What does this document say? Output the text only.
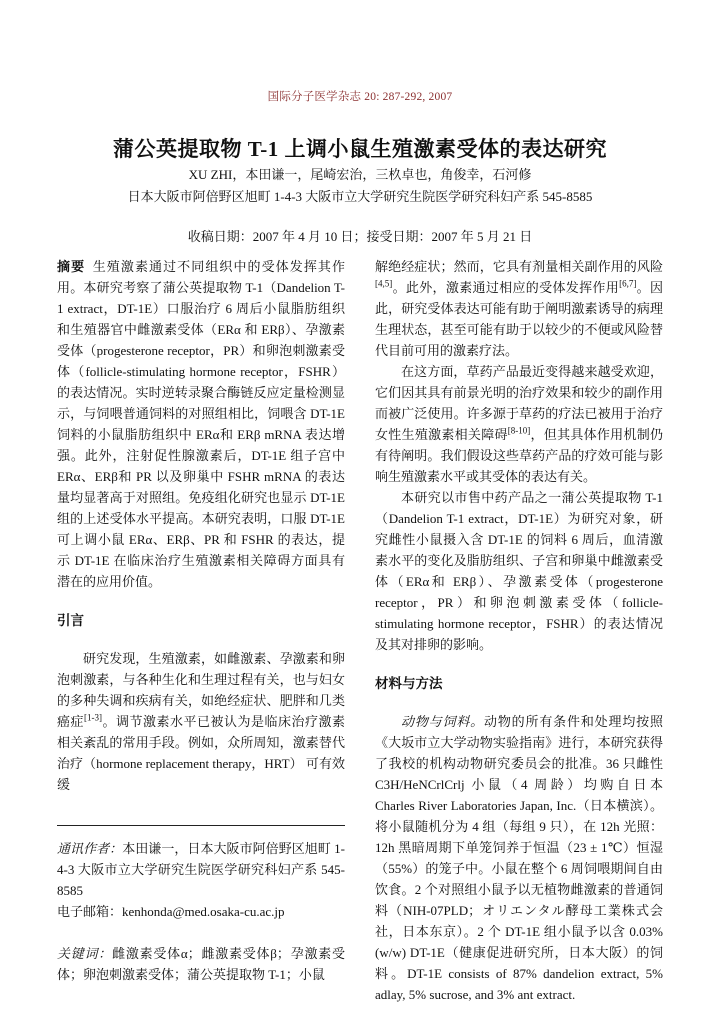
国际分子医学杂志 20: 287-292, 2007
蒲公英提取物 T-1 上调小鼠生殖激素受体的表达研究
XU ZHI，本田谦一，尾崎宏治，三杦卓也，角俊幸，石河修
日本大阪市阿倍野区旭町 1-4-3 大阪市立大学研究生院医学研究科妇产系 545-8585
收稿日期：2007 年 4 月 10 日；接受日期：2007 年 5 月 21 日

摘要  生殖激素通过不同组织中的受体发挥其作用。本研究考察了蒲公英提取物 T-1（Dandelion T-1 extract，DT-1E）口服治疗 6 周后小鼠脂肪组织和生殖器官中雌激素受体（ERα 和 ERβ）、孕激素受体（progesterone receptor，PR）和卵泡刺激素受体（follicle-stimulating hormone receptor，FSHR）的表达情况。实时逆转录聚合酶链反应定量检测显示，与饲喂普通饲料的对照组相比，饲喂含 DT-1E 饲料的小鼠脂肪组织中 ERα和 ERβ mRNA 表达增强。此外，注射促性腺激素后，DT-1E 组子宫中 ERα、ERβ和 PR 以及卵巢中 FSHR mRNA 的表达量均显著高于对照组。免疫组化研究也显示 DT-1E 组的上述受体水平提高。本研究表明，口服 DT-1E 可上调小鼠 ERα、ERβ、PR 和 FSHR 的表达，提示 DT-1E 在临床治疗生殖激素相关障碍方面具有潜在的应用价值。

引言

研究发现，生殖激素，如雌激素、孕激素和卵泡刺激素，与各种生化和生理过程有关，也与妇女的多种失调和疾病有关，如绝经症状、肥胖和几类癌症[1-3]。调节激素水平已被认为是临床治疗激素相关紊乱的常用手段。例如，众所周知，激素替代治疗（hormone replacement therapy，HRT） 可有效缓

通讯作者：本田谦一，日本大阪市阿倍野区旭町 1-4-3 大阪市立大学研究生院医学研究科妇产系 545-8585

电子邮箱：kenhonda@med.osaka-cu.ac.jp

关键词：雌激素受体α；雌激素受体β；孕激素受体；卵泡刺激素受体；蒲公英提取物 T-1；小鼠

解绝经症状；然而，它具有剂量相关副作用的风险[4,5]。此外，激素通过相应的受体发挥作用[6,7]。因此，研究受体表达可能有助于阐明激素诱导的病理生理状态，甚至可能有助于以较少的不便或风险替代目前可用的激素疗法。

在这方面，草药产品最近变得越来越受欢迎，它们因其具有前景光明的治疗效果和较少的副作用而被广泛使用。许多源于草药的疗法已被用于治疗女性生殖激素相关障碍[8-10]，但其具体作用机制仍有待阐明。我们假设这些草药产品的疗效可能与影响生殖激素水平或其受体的表达有关。

本研究以市售中药产品之一蒲公英提取物 T-1（Dandelion T-1 extract，DT-1E）为研究对象，研究雌性小鼠摄入含 DT-1E 的饲料 6 周后，血清激素水平的变化及脂肪组织、子宫和卵巢中雌激素受体（ERα和 ERβ）、孕激素受体（progesterone receptor，PR）和卵泡刺激素受体（follicle-stimulating hormone receptor，FSHR）的表达情况及其对排卵的影响。

材料与方法

动物与饲料。动物的所有条件和处理均按照《大坂市立大学动物实验指南》进行，本研究获得了我校的机构动物研究委员会的批准。36 只雌性 C3H/HeNCrlCrlj 小鼠（4 周龄）均购自日本 Charles River Laboratories Japan, Inc.（日本横滨）。将小鼠随机分为 4 组（每组 9 只），在 12h 光照：12h 黑暗周期下单笼饲养于恒温（23 ± 1℃）恒湿（55%）的笼子中。小鼠在整个 6 周饲喂期间自由饮食。2 个对照组小鼠予以无植物雌激素的普通饲料（NIH-07PLD；オリエンタル酵母工業株式会社，日本东京）。2 个 DT-1E 组小鼠予以含 0.03% (w/w) DT-1E（健康促进研究所，日本大阪）的饲料。DT-1E consists of 87% dandelion extract, 5% adlay, 5% sucrose, and 3% ant extract.
